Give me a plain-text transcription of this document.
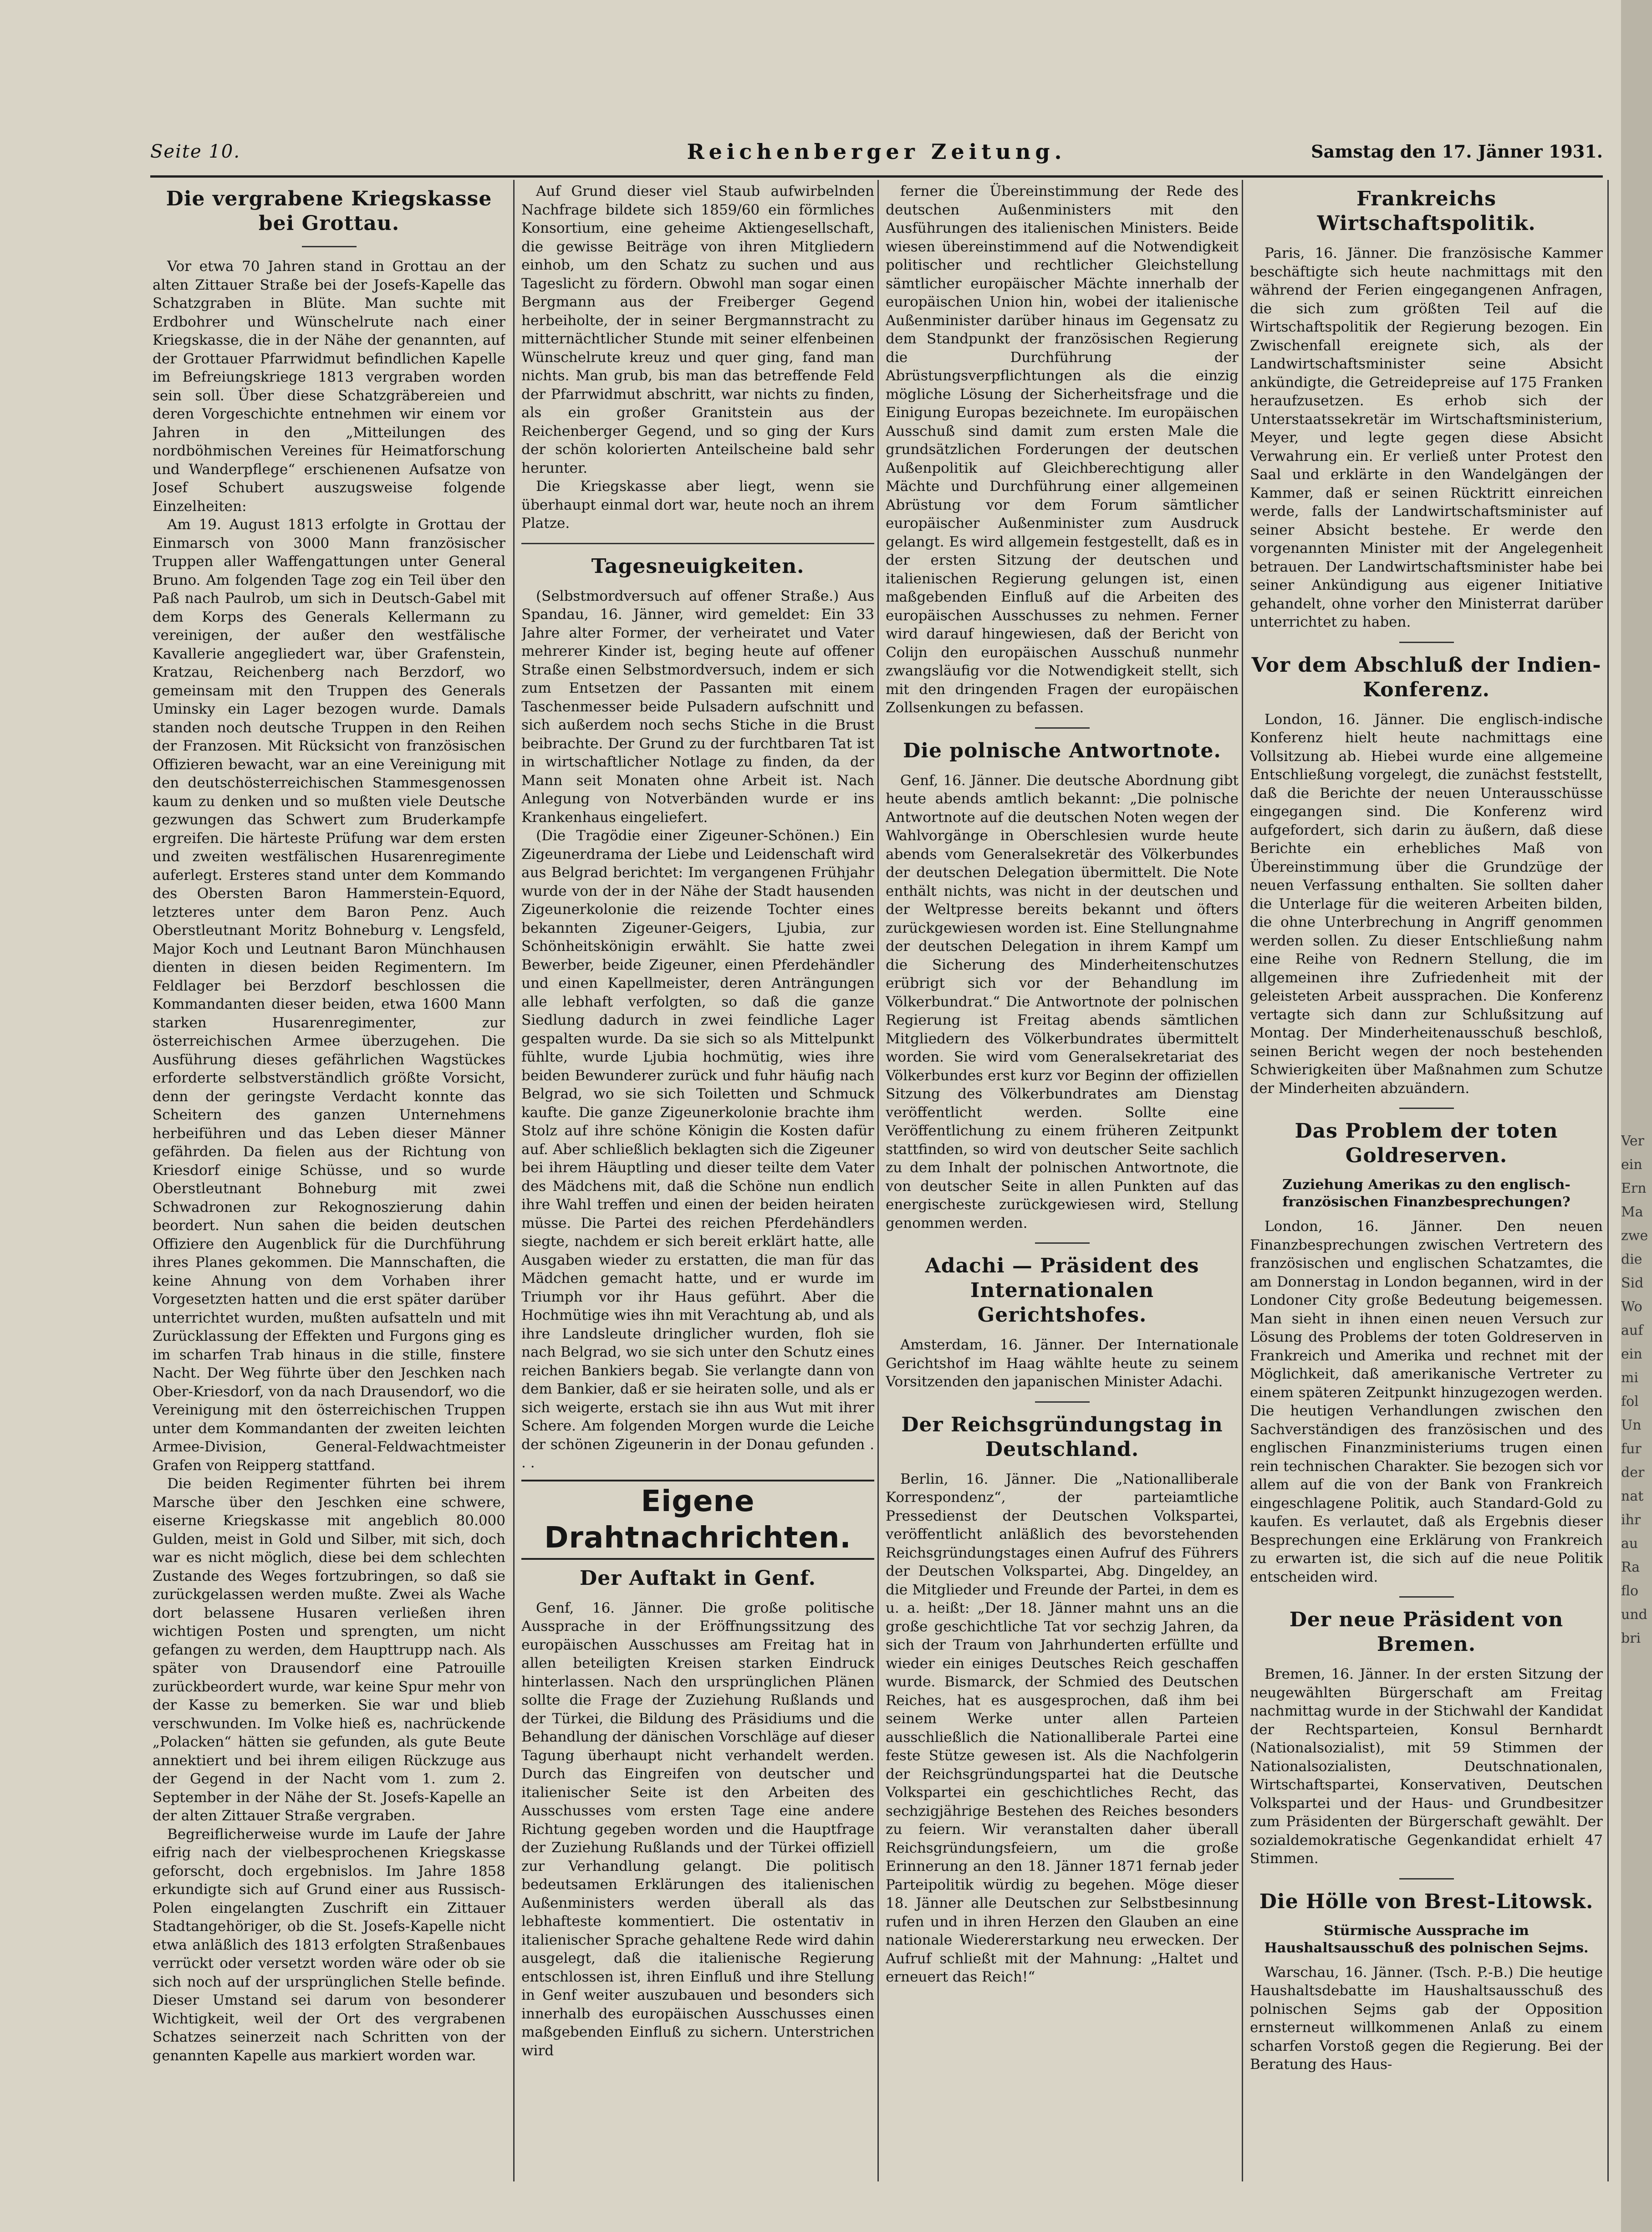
Seite 10.	Reichenberger Zeitung.	Samstag den 17. Jänner 1931.
Die vergrabene Kriegskasse bei Grottau.

Vor etwa 70 Jahren stand in Grottau an der alten Zittauer Straße bei der Josefs-Kapelle das Schatzgraben in Blüte. Man suchte mit Erdbohrer und Wünschelrute nach einer Kriegskasse, die in der Nähe der genannten, auf der Grottauer Pfarrwidmut befindlichen Kapelle im Befreiungskriege 1813 vergraben worden sein soll. Über diese Schatzgräbereien und deren Vorgeschichte entnehmen wir einem vor Jahren in den „Mitteilungen des nordböhmischen Vereines für Heimatforschung und Wanderpflege“ erschienenen Aufsatze von Josef Schubert auszugsweise folgende Einzelheiten:

Am 19. August 1813 erfolgte in Grottau der Einmarsch von 3000 Mann französischer Truppen aller Waffengattungen unter General Bruno. Am folgenden Tage zog ein Teil über den Paß nach Paulrob, um sich in Deutsch-Gabel mit dem Korps des Generals Kellermann zu vereinigen, der außer den westfälische Kavallerie angegliedert war, über Grafenstein, Kratzau, Reichenberg nach Berzdorf, wo gemeinsam mit den Truppen des Generals Uminsky ein Lager bezogen wurde. Damals standen noch deutsche Truppen in den Reihen der Franzosen. Mit Rücksicht von französischen Offizieren bewacht, war an eine Vereinigung mit den deutschösterreichischen Stammesgenossen kaum zu denken und so mußten viele Deutsche gezwungen das Schwert zum Bruderkampfe ergreifen. Die härteste Prüfung war dem ersten und zweiten westfälischen Husarenregimente auferlegt. Ersteres stand unter dem Kommando des Obersten Baron Hammerstein-Equord, letzteres unter dem Baron Penz. Auch Oberstleutnant Moritz Bohneburg v. Lengsfeld, Major Koch und Leutnant Baron Münchhausen dienten in diesen beiden Regimentern. Im Feldlager bei Berzdorf beschlossen die Kommandanten dieser beiden, etwa 1600 Mann starken Husarenregimenter, zur österreichischen Armee überzugehen. Die Ausführung dieses gefährlichen Wagstückes erforderte selbstverständlich größte Vorsicht, denn der geringste Verdacht konnte das Scheitern des ganzen Unternehmens herbeiführen und das Leben dieser Männer gefährden. Da fielen aus der Richtung von Kriesdorf einige Schüsse, und so wurde Oberstleutnant Bohneburg mit zwei Schwadronen zur Rekognoszierung dahin beordert. Nun sahen die beiden deutschen Offiziere den Augenblick für die Durchführung ihres Planes gekommen. Die Mannschaften, die keine Ahnung von dem Vorhaben ihrer Vorgesetzten hatten und die erst später darüber unterrichtet wurden, mußten aufsatteln und mit Zurücklassung der Effekten und Furgons ging es im scharfen Trab hinaus in die stille, finstere Nacht. Der Weg führte über den Jeschken nach Ober-Kriesdorf, von da nach Drausendorf, wo die Vereinigung mit den österreichischen Truppen unter dem Kommandanten der zweiten leichten Armee-Division, General-Feldwachtmeister Grafen von Reipperg stattfand.

Die beiden Regimenter führten bei ihrem Marsche über den Jeschken eine schwere, eiserne Kriegskasse mit angeblich 80.000 Gulden, meist in Gold und Silber, mit sich, doch war es nicht möglich, diese bei dem schlechten Zustande des Weges fortzubringen, so daß sie zurückgelassen werden mußte. Zwei als Wache dort belassene Husaren verließen ihren wichtigen Posten und sprengten, um nicht gefangen zu werden, dem Haupttrupp nach. Als später von Drausendorf eine Patrouille zurückbeordert wurde, war keine Spur mehr von der Kasse zu bemerken. Sie war und blieb verschwunden. Im Volke hieß es, nachrückende „Polacken“ hätten sie gefunden, als gute Beute annektiert und bei ihrem eiligen Rückzuge aus der Gegend in der Nacht vom 1. zum 2. September in der Nähe der St. Josefs-Kapelle an der alten Zittauer Straße vergraben.

Begreiflicherweise wurde im Laufe der Jahre eifrig nach der vielbesprochenen Kriegskasse geforscht, doch ergebnislos. Im Jahre 1858 erkundigte sich auf Grund einer aus Russisch-Polen eingelangten Zuschrift ein Zittauer Stadtangehöriger, ob die St. Josefs-Kapelle nicht etwa anläßlich des 1813 erfolgten Straßenbaues verrückt oder versetzt worden wäre oder ob sie sich noch auf der ursprünglichen Stelle befinde. Dieser Umstand sei darum von besonderer Wichtigkeit, weil der Ort des vergrabenen Schatzes seinerzeit nach Schritten von der genannten Kapelle aus markiert worden war.

Auf Grund dieser viel Staub aufwirbelnden Nachfrage bildete sich 1859/60 ein förmliches Konsortium, eine geheime Aktiengesellschaft, die gewisse Beiträge von ihren Mitgliedern einhob, um den Schatz zu suchen und aus Tageslicht zu fördern. Obwohl man sogar einen Bergmann aus der Freiberger Gegend herbeiholte, der in seiner Bergmannstracht zu mitternächtlicher Stunde mit seiner elfenbeinen Wünschelrute kreuz und quer ging, fand man nichts. Man grub, bis man das betreffende Feld der Pfarrwidmut abschritt, war nichts zu finden, als ein großer Granitstein aus der Reichenberger Gegend, und so ging der Kurs der schön kolorierten Anteilscheine bald sehr herunter.

Die Kriegskasse aber liegt, wenn sie überhaupt einmal dort war, heute noch an ihrem Platze.

Tagesneuigkeiten.

(Selbstmordversuch auf offener Straße.) Aus Spandau, 16. Jänner, wird gemeldet: Ein 33 Jahre alter Former, der verheiratet und Vater mehrerer Kinder ist, beging heute auf offener Straße einen Selbstmordversuch, indem er sich zum Entsetzen der Passanten mit einem Taschenmesser beide Pulsadern aufschnitt und sich außerdem noch sechs Stiche in die Brust beibrachte. Der Grund zu der furchtbaren Tat ist in wirtschaftlicher Notlage zu finden, da der Mann seit Monaten ohne Arbeit ist. Nach Anlegung von Notverbänden wurde er ins Krankenhaus eingeliefert.

(Die Tragödie einer Zigeuner-Schönen.) Ein Zigeunerdrama der Liebe und Leidenschaft wird aus Belgrad berichtet: Im vergangenen Frühjahr wurde von der in der Nähe der Stadt hausenden Zigeunerkolonie die reizende Tochter eines bekannten Zigeuner-Geigers, Ljubia, zur Schönheitskönigin erwählt. Sie hatte zwei Bewerber, beide Zigeuner, einen Pferdehändler und einen Kapellmeister, deren Anträngungen alle lebhaft verfolgten, so daß die ganze Siedlung dadurch in zwei feindliche Lager gespalten wurde. Da sie sich so als Mittelpunkt fühlte, wurde Ljubia hochmütig, wies ihre beiden Bewunderer zurück und fuhr häufig nach Belgrad, wo sie sich Toiletten und Schmuck kaufte. Die ganze Zigeunerkolonie brachte ihm Stolz auf ihre schöne Königin die Kosten dafür auf. Aber schließlich beklagten sich die Zigeuner bei ihrem Häuptling und dieser teilte dem Vater des Mädchens mit, daß die Schöne nun endlich ihre Wahl treffen und einen der beiden heiraten müsse. Die Partei des reichen Pferdehändlers siegte, nachdem er sich bereit erklärt hatte, alle Ausgaben wieder zu erstatten, die man für das Mädchen gemacht hatte, und er wurde im Triumph vor ihr Haus geführt. Aber die Hochmütige wies ihn mit Verachtung ab, und als ihre Landsleute dringlicher wurden, floh sie nach Belgrad, wo sie sich unter den Schutz eines reichen Bankiers begab. Sie verlangte dann von dem Bankier, daß er sie heiraten solle, und als er sich weigerte, erstach sie ihn aus Wut mit ihrer Schere. Am folgenden Morgen wurde die Leiche der schönen Zigeunerin in der Donau gefunden . . .

Eigene Drahtnachrichten.
Der Auftakt in Genf.

Genf, 16. Jänner. Die große politische Aussprache in der Eröffnungssitzung des europäischen Ausschusses am Freitag hat in allen beteiligten Kreisen starken Eindruck hinterlassen. Nach den ursprünglichen Plänen sollte die Frage der Zuziehung Rußlands und der Türkei, die Bildung des Präsidiums und die Behandlung der dänischen Vorschläge auf dieser Tagung überhaupt nicht verhandelt werden. Durch das Eingreifen von deutscher und italienischer Seite ist den Arbeiten des Ausschusses vom ersten Tage eine andere Richtung gegeben worden und die Hauptfrage der Zuziehung Rußlands und der Türkei offiziell zur Verhandlung gelangt. Die politisch bedeutsamen Erklärungen des italienischen Außenministers werden überall als das lebhafteste kommentiert. Die ostentativ in italienischer Sprache gehaltene Rede wird dahin ausgelegt, daß die italienische Regierung entschlossen ist, ihren Einfluß und ihre Stellung in Genf weiter auszubauen und besonders sich innerhalb des europäischen Ausschusses einen maßgebenden Einfluß zu sichern. Unterstrichen wird

ferner die Übereinstimmung der Rede des deutschen Außenministers mit den Ausführungen des italienischen Ministers. Beide wiesen übereinstimmend auf die Notwendigkeit politischer und rechtlicher Gleichstellung sämtlicher europäischer Mächte innerhalb der europäischen Union hin, wobei der italienische Außenminister darüber hinaus im Gegensatz zu dem Standpunkt der französischen Regierung die Durchführung der Abrüstungsverpflichtungen als die einzig mögliche Lösung der Sicherheitsfrage und die Einigung Europas bezeichnete. Im europäischen Ausschuß sind damit zum ersten Male die grundsätzlichen Forderungen der deutschen Außenpolitik auf Gleichberechtigung aller Mächte und Durchführung einer allgemeinen Abrüstung vor dem Forum sämtlicher europäischer Außenminister zum Ausdruck gelangt. Es wird allgemein festgestellt, daß es in der ersten Sitzung der deutschen und italienischen Regierung gelungen ist, einen maßgebenden Einfluß auf die Arbeiten des europäischen Ausschusses zu nehmen. Ferner wird darauf hingewiesen, daß der Bericht von Colijn den europäischen Ausschuß nunmehr zwangsläufig vor die Notwendigkeit stellt, sich mit den dringenden Fragen der europäischen Zollsenkungen zu befassen.

Die polnische Antwortnote.

Genf, 16. Jänner. Die deutsche Abordnung gibt heute abends amtlich bekannt: „Die polnische Antwortnote auf die deutschen Noten wegen der Wahlvorgänge in Oberschlesien wurde heute abends vom Generalsekretär des Völkerbundes der deutschen Delegation übermittelt. Die Note enthält nichts, was nicht in der deutschen und der Weltpresse bereits bekannt und öfters zurückgewiesen worden ist. Eine Stellungnahme der deutschen Delegation in ihrem Kampf um die Sicherung des Minderheitenschutzes erübrigt sich vor der Behandlung im Völkerbundrat.“ Die Antwortnote der polnischen Regierung ist Freitag abends sämtlichen Mitgliedern des Völkerbundrates übermittelt worden. Sie wird vom Generalsekretariat des Völkerbundes erst kurz vor Beginn der offiziellen Sitzung des Völkerbundrates am Dienstag veröffentlicht werden. Sollte eine Veröffentlichung zu einem früheren Zeitpunkt stattfinden, so wird von deutscher Seite sachlich zu dem Inhalt der polnischen Antwortnote, die von deutscher Seite in allen Punkten auf das energischeste zurückgewiesen wird, Stellung genommen werden.

Adachi — Präsident des Internationalen Gerichtshofes.

Amsterdam, 16. Jänner. Der Internationale Gerichtshof im Haag wählte heute zu seinem Vorsitzenden den japanischen Minister Adachi.

Der Reichsgründungstag in Deutschland.

Berlin, 16. Jänner. Die „Nationalliberale Korrespondenz“, der parteiamtliche Pressedienst der Deutschen Volkspartei, veröffentlicht anläßlich des bevorstehenden Reichsgründungstages einen Aufruf des Führers der Deutschen Volkspartei, Abg. Dingeldey, an die Mitglieder und Freunde der Partei, in dem es u. a. heißt: „Der 18. Jänner mahnt uns an die große geschichtliche Tat vor sechzig Jahren, da sich der Traum von Jahrhunderten erfüllte und wieder ein einiges Deutsches Reich geschaffen wurde. Bismarck, der Schmied des Deutschen Reiches, hat es ausgesprochen, daß ihm bei seinem Werke unter allen Parteien ausschließlich die Nationalliberale Partei eine feste Stütze gewesen ist. Als die Nachfolgerin der Reichsgründungspartei hat die Deutsche Volkspartei ein geschichtliches Recht, das sechzigjährige Bestehen des Reiches besonders zu feiern. Wir veranstalten daher überall Reichsgründungsfeiern, um die große Erinnerung an den 18. Jänner 1871 fernab jeder Parteipolitik würdig zu begehen. Möge dieser 18. Jänner alle Deutschen zur Selbstbesinnung rufen und in ihren Herzen den Glauben an eine nationale Wiedererstarkung neu erwecken. Der Aufruf schließt mit der Mahnung: „Haltet und erneuert das Reich!“

Frankreichs Wirtschaftspolitik.

Paris, 16. Jänner. Die französische Kammer beschäftigte sich heute nachmittags mit den während der Ferien eingegangenen Anfragen, die sich zum größten Teil auf die Wirtschaftspolitik der Regierung bezogen. Ein Zwischenfall ereignete sich, als der Landwirtschaftsminister seine Absicht ankündigte, die Getreidepreise auf 175 Franken heraufzusetzen. Es erhob sich der Unterstaatssekretär im Wirtschaftsministerium, Meyer, und legte gegen diese Absicht Verwahrung ein. Er verließ unter Protest den Saal und erklärte in den Wandelgängen der Kammer, daß er seinen Rücktritt einreichen werde, falls der Landwirtschaftsminister auf seiner Absicht bestehe. Er werde den vorgenannten Minister mit der Angelegenheit betrauen. Der Landwirtschaftsminister habe bei seiner Ankündigung aus eigener Initiative gehandelt, ohne vorher den Ministerrat darüber unterrichtet zu haben.

Vor dem Abschluß der Indien-Konferenz.

London, 16. Jänner. Die englisch-indische Konferenz hielt heute nachmittags eine Vollsitzung ab. Hiebei wurde eine allgemeine Entschließung vorgelegt, die zunächst feststellt, daß die Berichte der neuen Unterausschüsse eingegangen sind. Die Konferenz wird aufgefordert, sich darin zu äußern, daß diese Berichte ein erhebliches Maß von Übereinstimmung über die Grundzüge der neuen Verfassung enthalten. Sie sollten daher die Unterlage für die weiteren Arbeiten bilden, die ohne Unterbrechung in Angriff genommen werden sollen. Zu dieser Entschließung nahm eine Reihe von Rednern Stellung, die im allgemeinen ihre Zufriedenheit mit der geleisteten Arbeit aussprachen. Die Konferenz vertagte sich dann zur Schlußsitzung auf Montag. Der Minderheitenausschuß beschloß, seinen Bericht wegen der noch bestehenden Schwierigkeiten über Maßnahmen zum Schutze der Minderheiten abzuändern.

Das Problem der toten Goldreserven.
Zuziehung Amerikas zu den englisch-französischen Finanzbesprechungen?

London, 16. Jänner. Den neuen Finanzbesprechungen zwischen Vertretern des französischen und englischen Schatzamtes, die am Donnerstag in London begannen, wird in der Londoner City große Bedeutung beigemessen. Man sieht in ihnen einen neuen Versuch zur Lösung des Problems der toten Goldreserven in Frankreich und Amerika und rechnet mit der Möglichkeit, daß amerikanische Vertreter zu einem späteren Zeitpunkt hinzugezogen werden. Die heutigen Verhandlungen zwischen den Sachverständigen des französischen und des englischen Finanzministeriums trugen einen rein technischen Charakter. Sie bezogen sich vor allem auf die von der Bank von Frankreich eingeschlagene Politik, auch Standard-Gold zu kaufen. Es verlautet, daß als Ergebnis dieser Besprechungen eine Erklärung von Frankreich zu erwarten ist, die sich auf die neue Politik entscheiden wird.

Der neue Präsident von Bremen.

Bremen, 16. Jänner. In der ersten Sitzung der neugewählten Bürgerschaft am Freitag nachmittag wurde in der Stichwahl der Kandidat der Rechtsparteien, Konsul Bernhardt (Nationalsozialist), mit 59 Stimmen der Nationalsozialisten, Deutschnationalen, Wirtschaftspartei, Konservativen, Deutschen Volkspartei und der Haus- und Grundbesitzer zum Präsidenten der Bürgerschaft gewählt. Der sozialdemokratische Gegenkandidat erhielt 47 Stimmen.

Die Hölle von Brest-Litowsk.
Stürmische Aussprache im Haushaltsausschuß des polnischen Sejms.

Warschau, 16. Jänner. (Tsch. P.-B.) Die heutige Haushaltsdebatte im Haushaltsausschuß des polnischen Sejms gab der Opposition ernsterneut willkommenen Anlaß zu einem scharfen Vorstoß gegen die Regierung. Bei der Beratung des Haus-

Ver
ein
Ern
Ma
zwe
die
Sid
Wo
auf
ein
mi
fol
Un
fur
der
nat
ihr
au
Ra
flo
und
bri
